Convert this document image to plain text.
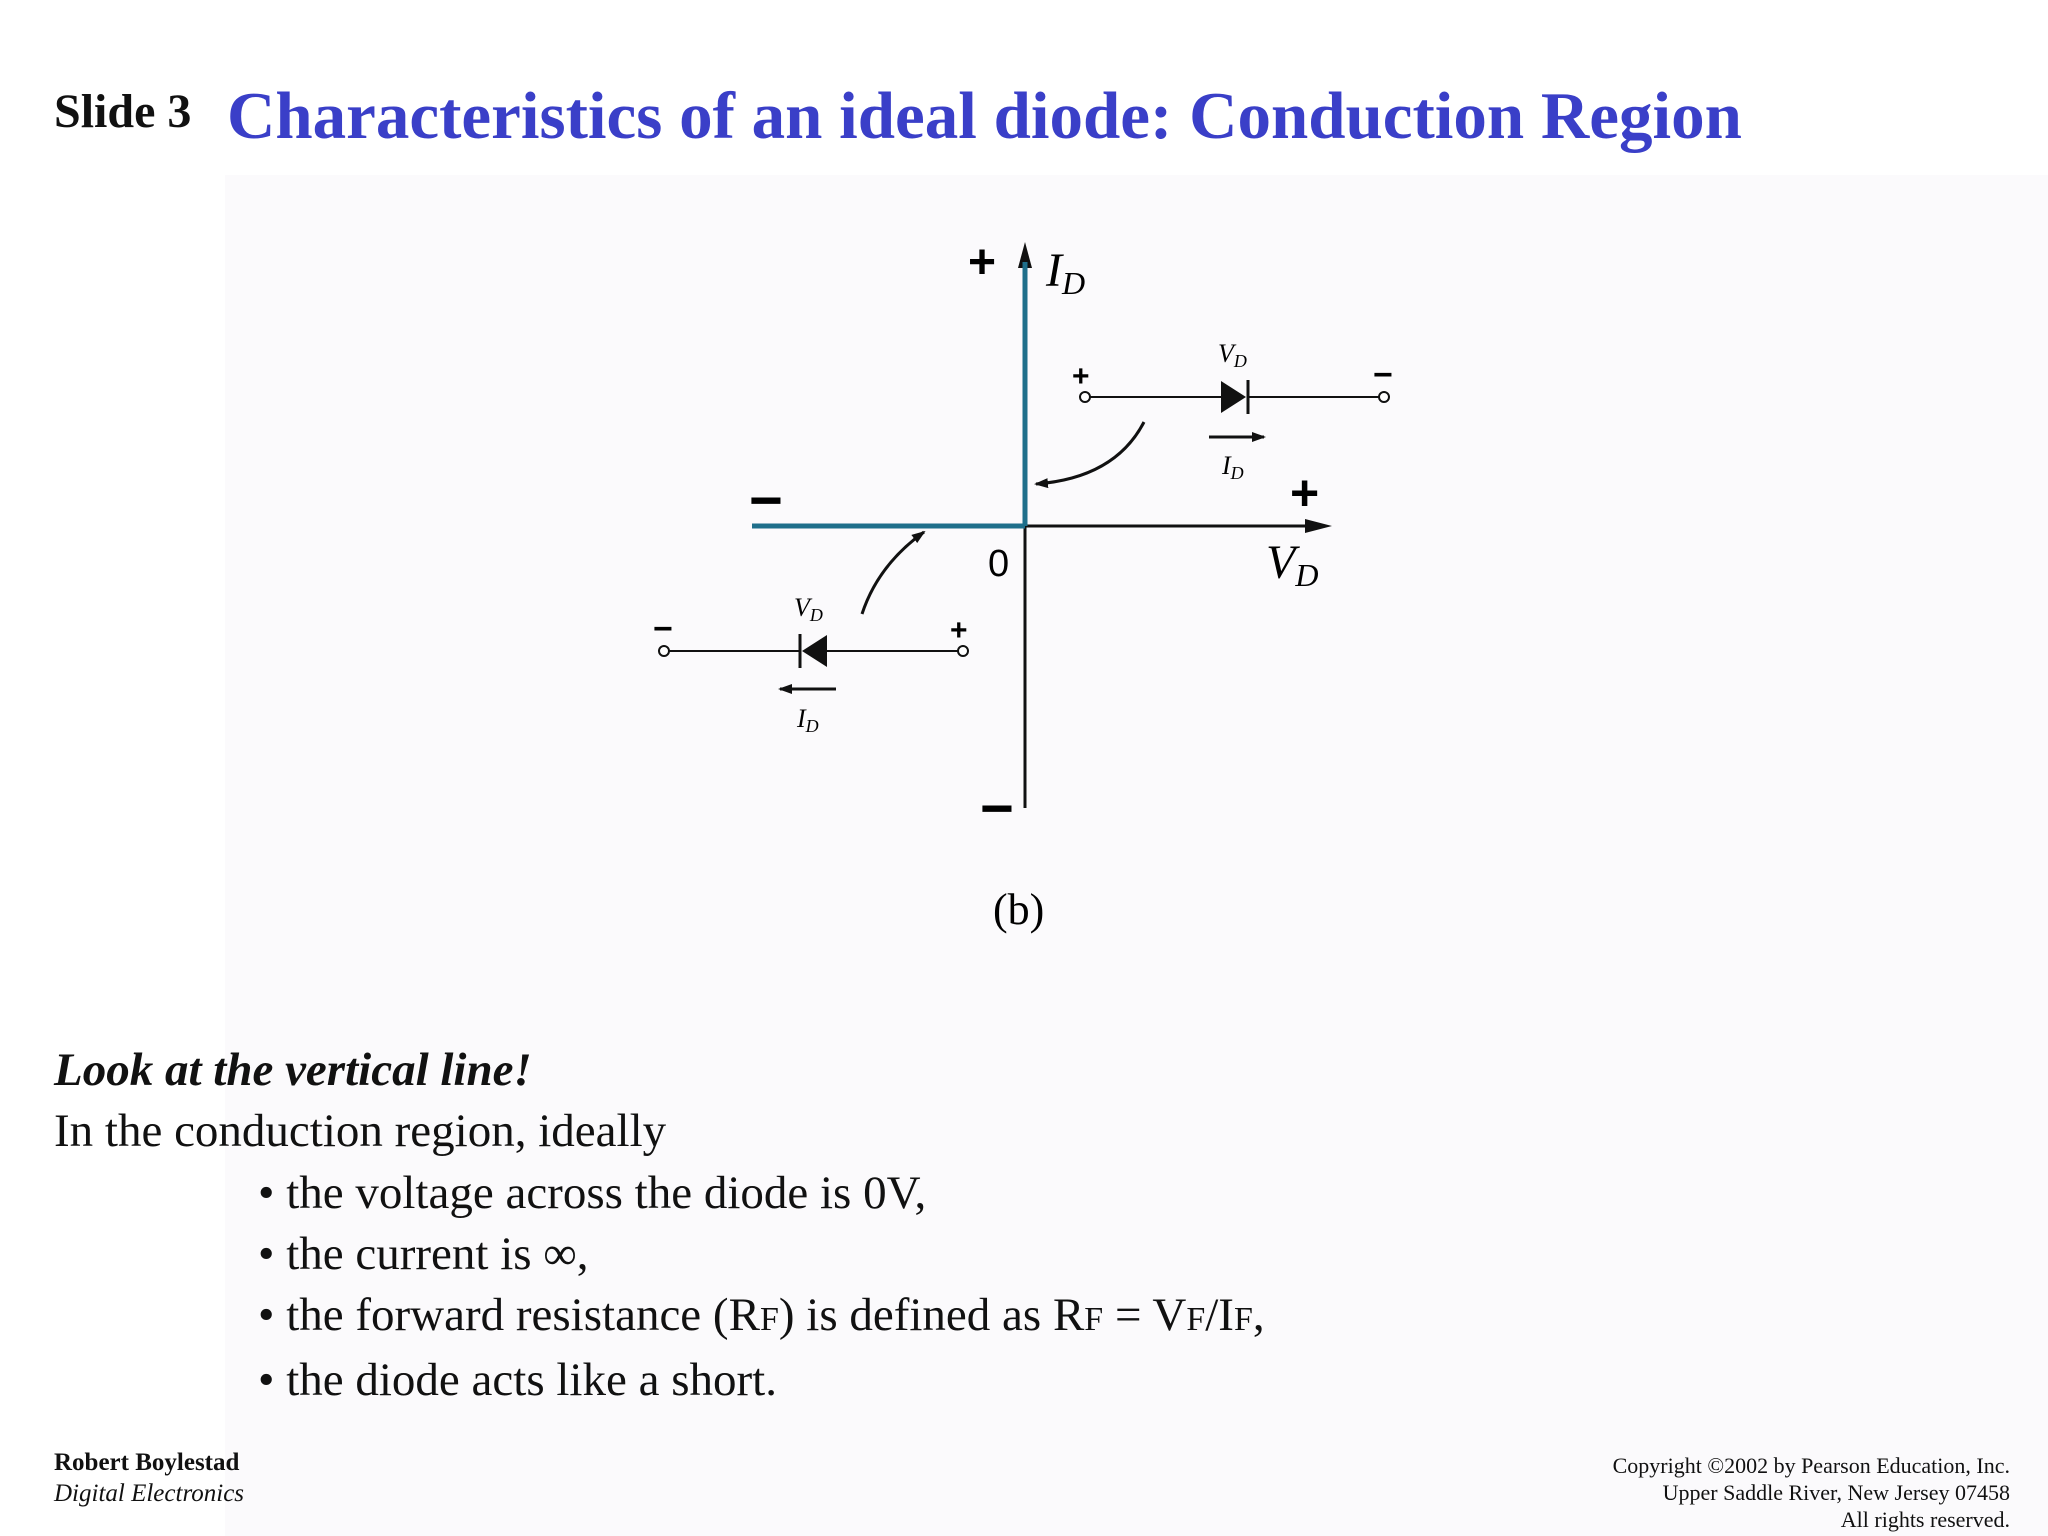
Slide 3 Characteristics of an ideal diode: Conduction Region
+ ID
+
VD
−
0
−
+	−
VD
ID
−	+
VD
ID
(b)
Look at the vertical line!
In the conduction region, ideally
• the voltage across the diode is 0V,
• the current is ∞,
• the forward resistance (RF) is defined as RF = VF/IF,
• the diode acts like a short.
Robert Boylestad
Digital Electronics
Copyright ©2002 by Pearson Education, Inc.
Upper Saddle River, New Jersey 07458
All rights reserved.
